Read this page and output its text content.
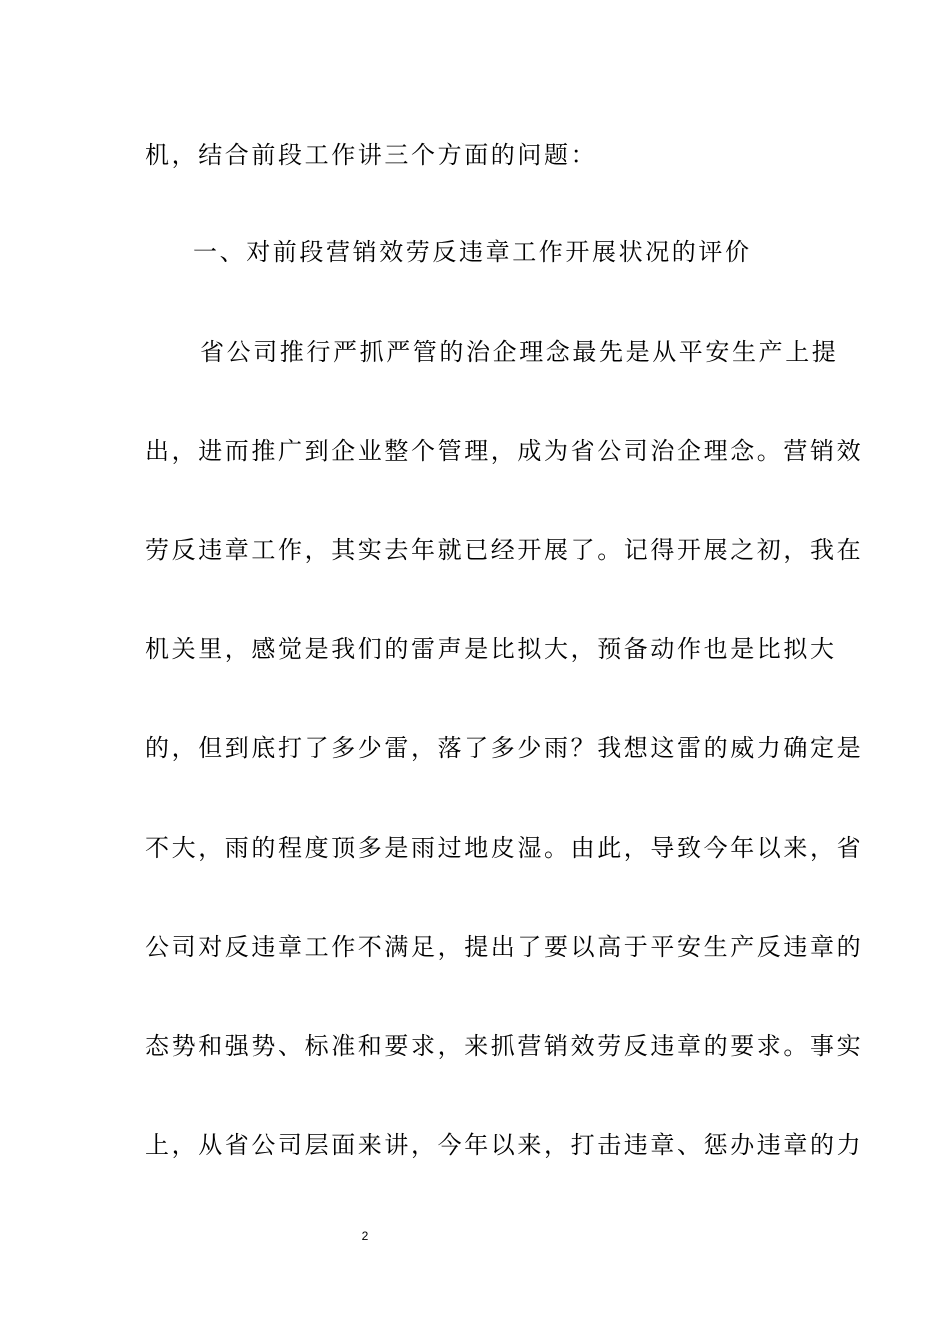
机，结合前段工作讲三个方面的问题：
一、对前段营销效劳反违章工作开展状况的评价
省公司推行严抓严管的治企理念最先是从平安生产上提
出，进而推广到企业整个管理，成为省公司治企理念。营销效
劳反违章工作，其实去年就已经开展了。记得开展之初，我在
机关里，感觉是我们的雷声是比拟大，预备动作也是比拟大
的，但到底打了多少雷，落了多少雨？我想这雷的威力确定是
不大，雨的程度顶多是雨过地皮湿。由此，导致今年以来，省
公司对反违章工作不满足，提出了要以高于平安生产反违章的
态势和强势、标准和要求，来抓营销效劳反违章的要求。事实
上，从省公司层面来讲，今年以来，打击违章、惩办违章的力
2
